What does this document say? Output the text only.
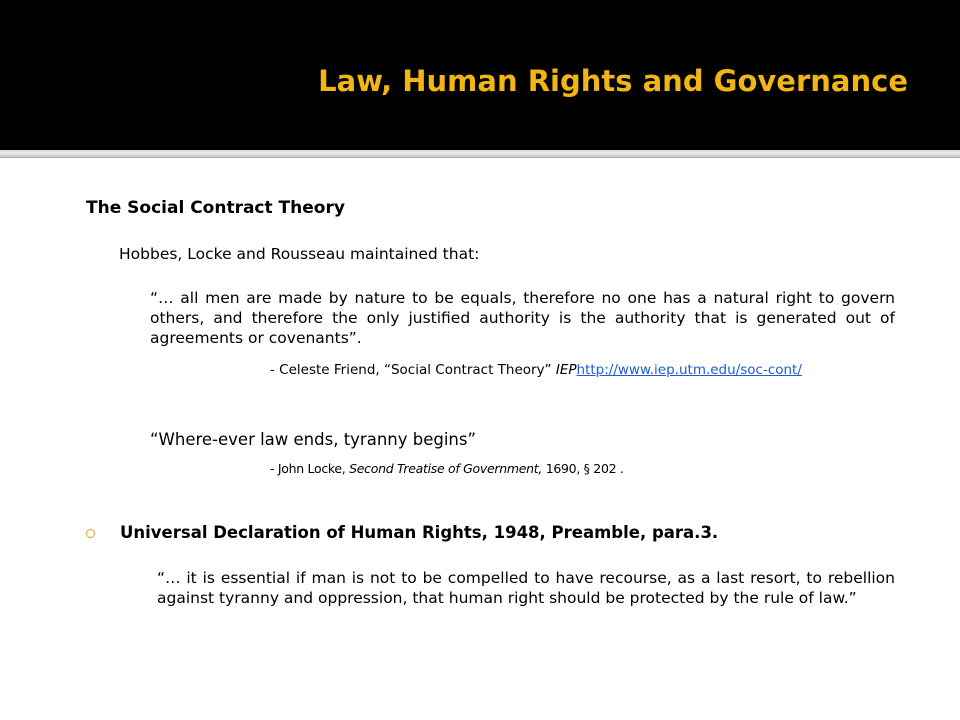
Law, Human Rights and Governance
The Social Contract Theory
Hobbes, Locke and Rousseau maintained that:
“… all men are made by nature to be equals, therefore no one has a natural right to govern others, and therefore the only justified authority is the authority that is generated out of agreements or covenants”.
- Celeste Friend, “Social Contract Theory” IEPhttp://www.iep.utm.edu/soc-cont/
“Where-ever law ends, tyranny begins”
- John Locke, Second Treatise of Government, 1690, § 202 .
Universal Declaration of Human Rights, 1948, Preamble, para.3.
“… it is essential if man is not to be compelled to have recourse, as a last resort, to rebellion against tyranny and oppression, that human right should be protected by the rule of law.”
